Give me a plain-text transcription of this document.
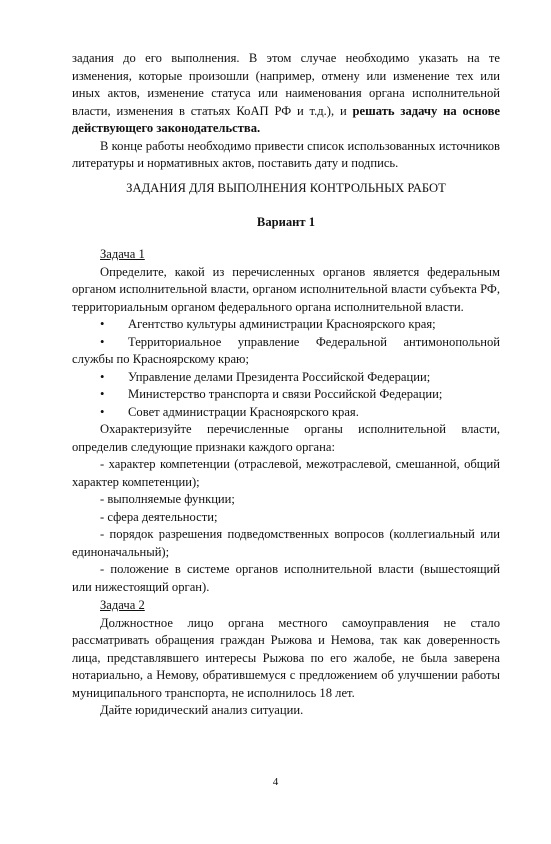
задания до его выполнения. В этом случае необходимо указать на те изменения, которые произошли (например, отмену или изменение тех или иных актов, изменение статуса или наименования органа исполнительной власти, изменения в статьях КоАП РФ и т.д.), и решать задачу на основе действующего законодательства.

В конце работы необходимо привести список использованных источников литературы и нормативных актов, поставить дату и подпись.

ЗАДАНИЯ ДЛЯ ВЫПОЛНЕНИЯ КОНТРОЛЬНЫХ РАБОТ
Вариант 1

Задача 1

Определите, какой из перечисленных органов является федеральным органом исполнительной власти, органом исполнительной власти субъекта РФ, территориальным органом федерального органа исполнительной власти.

• Агентство культуры администрации Красноярского края;

• Территориальное управление Федеральной антимонопольной службы по Красноярскому краю;

• Управление делами Президента Российской Федерации;

• Министерство транспорта и связи Российской Федерации;

• Совет администрации Красноярского края.

Охарактеризуйте перечисленные органы исполнительной власти, определив следующие признаки каждого органа:

- характер компетенции (отраслевой, межотраслевой, смешанной, общий характер компетенции);

- выполняемые функции;

- сфера деятельности;

- порядок разрешения подведомственных вопросов (коллегиальный или единоначальный);

- положение в системе органов исполнительной власти (вышестоящий или нижестоящий орган).

Задача 2

Должностное лицо органа местного самоуправления не стало рассматривать обращения граждан Рыжова и Немова, так как доверенность лица, представлявшего интересы Рыжова по его жалобе, не была заверена нотариально, а Немову, обратившемуся с предложением об улучшении работы муниципального транспорта, не исполнилось 18 лет.

Дайте юридический анализ ситуации.

4
